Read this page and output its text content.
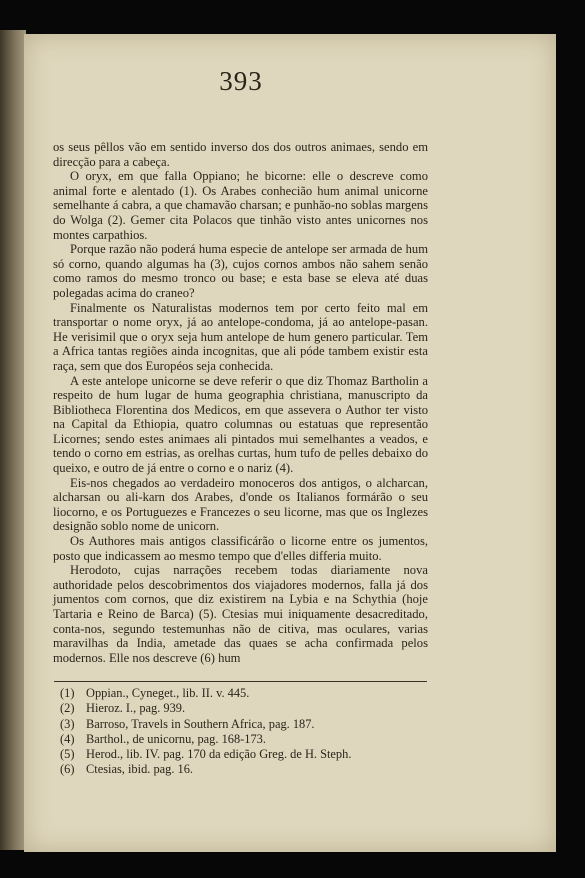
393

os seus pêllos vão em sentido inverso dos dos outros animaes, sendo em direcção para a cabeça.

O oryx, em que falla Oppiano; he bicorne: elle o descreve como animal forte e alentado (1). Os Arabes conhecião hum animal unicorne semelhante á cabra, a que chamavão charsan; e punhão-no soblas margens do Wolga (2). Gemer cita Polacos que tinhão visto antes unicornes nos montes carpathios.

Porque razão não poderá huma especie de antelope ser armada de hum só corno, quando algumas ha (3), cujos cornos ambos não sahem senão como ramos do mesmo tronco ou base; e esta base se eleva até duas polegadas acima do craneo?

Finalmente os Naturalistas modernos tem por certo feito mal em transportar o nome oryx, já ao antelope-condoma, já ao antelope-pasan. He verisimil que o oryx seja hum antelope de hum genero particular. Tem a Africa tantas regiões ainda incognitas, que ali póde tambem existir esta raça, sem que dos Européos seja conhecida.

A este antelope unicorne se deve referir o que diz Thomaz Bartholin a respeito de hum lugar de huma geographia christiana, manuscripto da Bibliotheca Florentina dos Medicos, em que assevera o Author ter visto na Capital da Ethiopia, quatro columnas ou estatuas que representão Licornes; sendo estes animaes ali pintados mui semelhantes a veados, e tendo o corno em estrias, as orelhas curtas, hum tufo de pelles debaixo do queixo, e outro de já entre o corno e o nariz (4).

Eis-nos chegados ao verdadeiro monoceros dos antigos, o alcharcan, alcharsan ou ali-karn dos Arabes, d'onde os Italianos formárão o seu liocorno, e os Portuguezes e Francezes o seu licorne, mas que os Inglezes designão soblo nome de unicorn.

Os Authores mais antigos classificárão o licorne entre os jumentos, posto que indicassem ao mesmo tempo que d'elles differia muito.

Herodoto, cujas narrações recebem todas diariamente nova authoridade pelos descobrimentos dos viajadores modernos, falla já dos jumentos com cornos, que diz existirem na Lybia e na Schythia (hoje Tartaria e Reino de Barca) (5). Ctesias mui iniquamente desacreditado, conta-nos, segundo testemunhas não de citiva, mas oculares, varias maravilhas da India, ametade das quaes se acha confirmada pelos modernos. Elle nos descreve (6) hum

(1) Oppian., Cyneget., lib. II. v. 445.
(2) Hieroz. I., pag. 939.
(3) Barroso, Travels in Southern Africa, pag. 187.
(4) Barthol., de unicornu, pag. 168-173.
(5) Herod., lib. IV. pag. 170 da edição Greg. de H. Steph.
(6) Ctesias, ibid. pag. 16.
